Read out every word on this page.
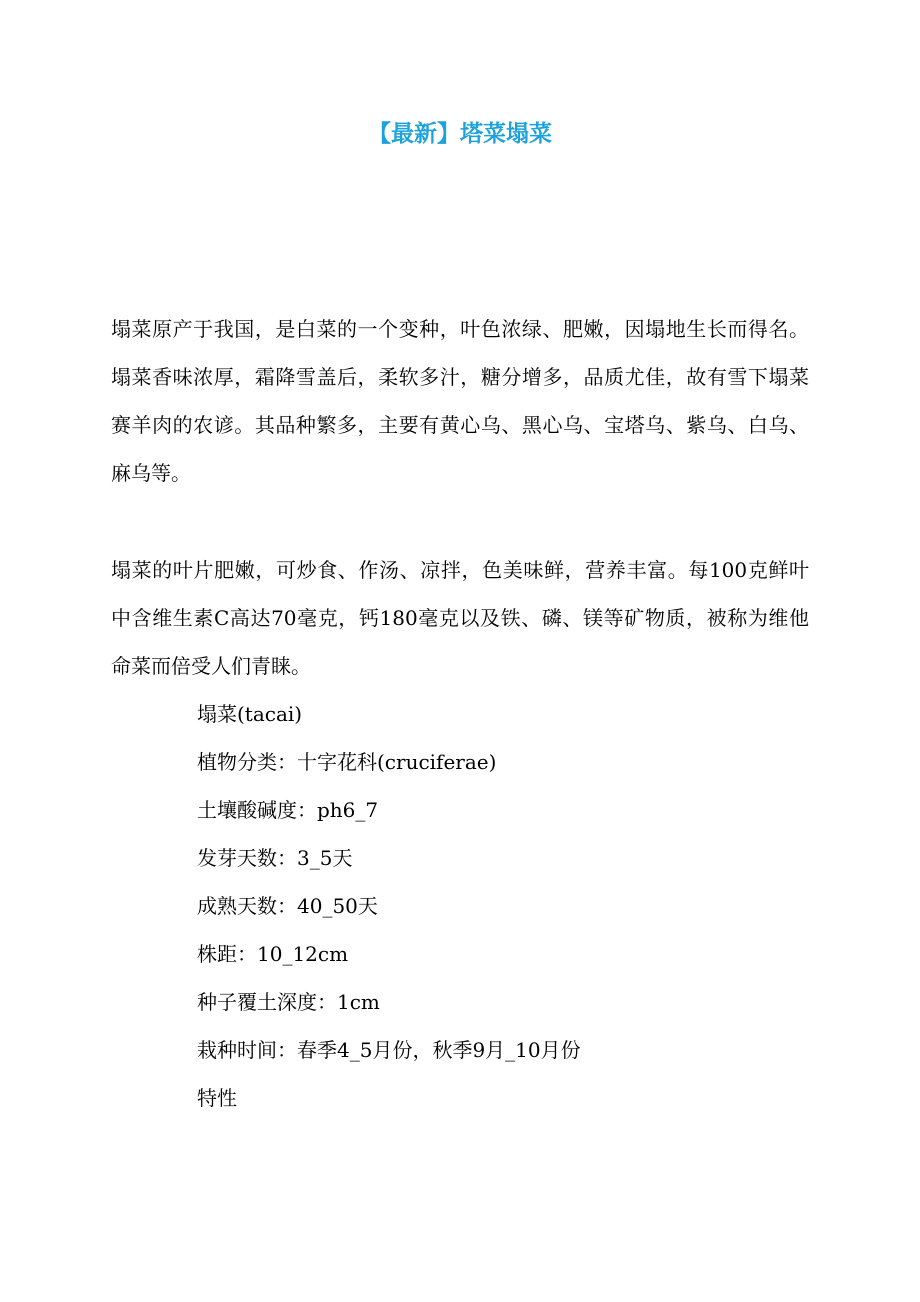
【最新】塔菜塌菜

塌菜原产于我国，是白菜的一个变种，叶色浓绿、肥嫩，因塌地生长而得名。塌菜香味浓厚，霜降雪盖后，柔软多汁，糖分增多，品质尤佳，故有雪下塌菜赛羊肉的农谚。其品种繁多，主要有黄心乌、黑心乌、宝塔乌、紫乌、白乌、麻乌等。

塌菜的叶片肥嫩，可炒食、作汤、凉拌，色美味鲜，营养丰富。每100克鲜叶中含维生素C高达70毫克，钙180毫克以及铁、磷、镁等矿物质，被称为维他命菜而倍受人们青睐。

塌菜(tacai)
植物分类：十字花科(cruciferae)
土壤酸碱度：ph6_7
发芽天数：3_5天
成熟天数：40_50天
株距：10_12cm
种子覆土深度：1cm
栽种时间：春季4_5月份，秋季9月_10月份
特性
